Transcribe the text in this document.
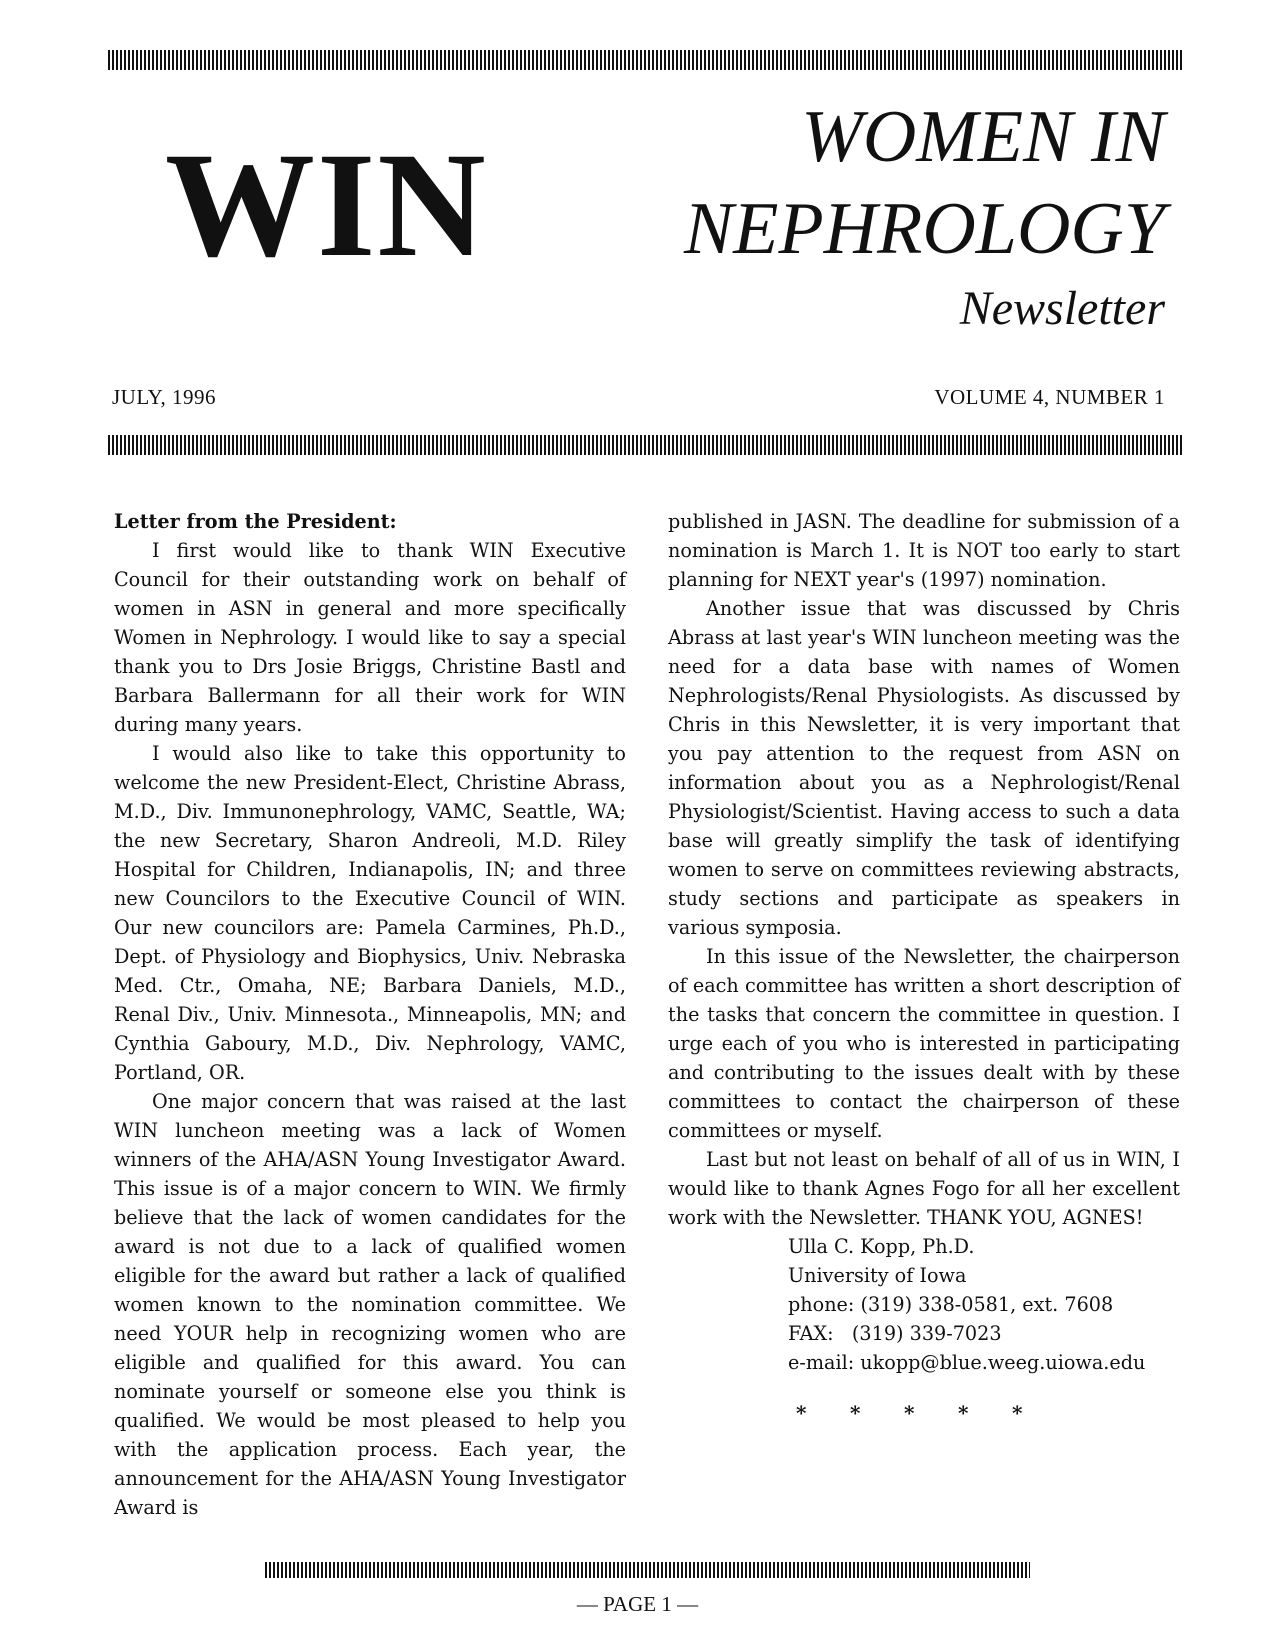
WIN	WOMEN IN
NEPHROLOGY
Newsletter
JULY, 1996	VOLUME 4, NUMBER 1
Letter from the President:

I first would like to thank WIN Executive Council for their outstanding work on behalf of women in ASN in general and more specifically Women in Nephrology. I would like to say a special thank you to Drs Josie Briggs, Christine Bastl and Barbara Ballermann for all their work for WIN during many years.

I would also like to take this opportunity to welcome the new President-Elect, Christine Abrass, M.D., Div. Immunonephrology, VAMC, Seattle, WA; the new Secretary, Sharon Andreoli, M.D. Riley Hospital for Children, Indianapolis, IN; and three new Councilors to the Executive Council of WIN. Our new councilors are: Pamela Carmines, Ph.D., Dept. of Physiology and Biophysics, Univ. Nebraska Med. Ctr., Omaha, NE; Barbara Daniels, M.D., Renal Div., Univ. Minnesota., Minneapolis, MN; and Cynthia Gaboury, M.D., Div. Nephrology, VAMC, Portland, OR.

One major concern that was raised at the last WIN luncheon meeting was a lack of Women winners of the AHA/ASN Young Investigator Award. This issue is of a major concern to WIN. We firmly believe that the lack of women candidates for the award is not due to a lack of qualified women eligible for the award but rather a lack of qualified women known to the nomination committee. We need YOUR help in recognizing women who are eligible and qualified for this award. You can nominate yourself or someone else you think is qualified. We would be most pleased to help you with the application process. Each year, the announcement for the AHA/ASN Young Investigator Award is

published in JASN. The deadline for submission of a nomination is March 1. It is NOT too early to start planning for NEXT year's (1997) nomination.

Another issue that was discussed by Chris Abrass at last year's WIN luncheon meeting was the need for a data base with names of Women Nephrologists/Renal Physiologists. As discussed by Chris in this Newsletter, it is very important that you pay attention to the request from ASN on information about you as a Nephrologist/Renal Physiologist/Scientist. Having access to such a data base will greatly simplify the task of identifying women to serve on committees reviewing abstracts, study sections and participate as speakers in various symposia.

In this issue of the Newsletter, the chairperson of each committee has written a short description of the tasks that concern the committee in question. I urge each of you who is interested in participating and contributing to the issues dealt with by these committees to contact the chairperson of these committees or myself.

Last but not least on behalf of all of us in WIN, I would like to thank Agnes Fogo for all her excellent work with the Newsletter. THANK YOU, AGNES!

Ulla C. Kopp, Ph.D.
University of Iowa
phone: (319) 338-0581, ext. 7608
FAX:   (319) 339-7023
e-mail: ukopp@blue.weeg.uiowa.edu
* * * * *
— PAGE 1 —
